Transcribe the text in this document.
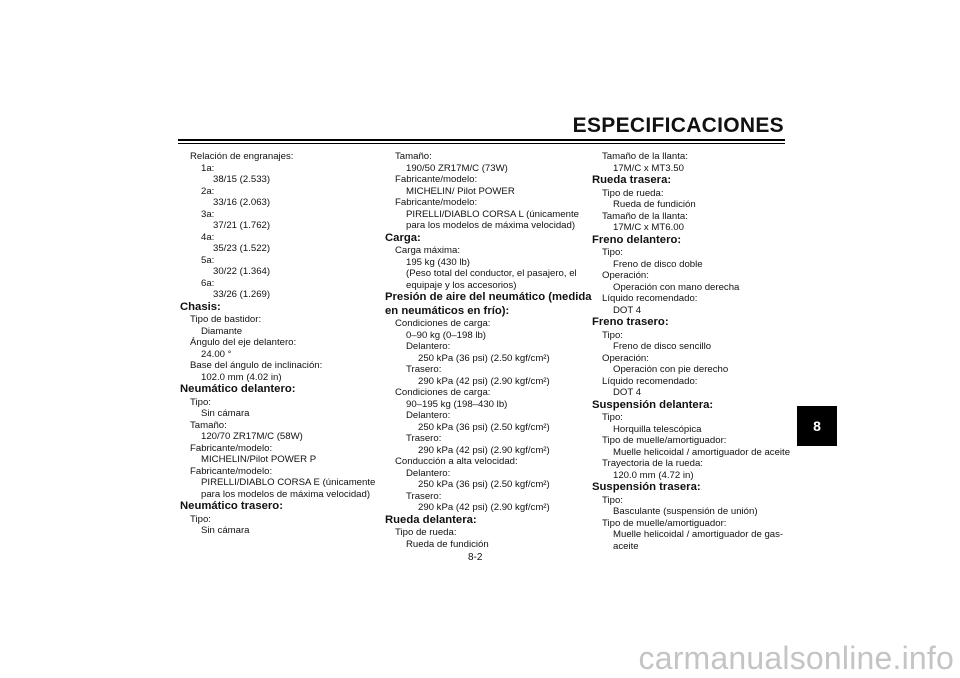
ESPECIFICACIONES
Relación de engranajes:
1a:
38/15 (2.533)
2a:
33/16 (2.063)
3a:
37/21 (1.762)
4a:
35/23 (1.522)
5a:
30/22 (1.364)
6a:
33/26 (1.269)
Chasis:
Tipo de bastidor:
Diamante
Ángulo del eje delantero:
24.00 °
Base del ángulo de inclinación:
102.0 mm (4.02 in)
Neumático delantero:
Tipo:
Sin cámara
Tamaño:
120/70 ZR17M/C (58W)
Fabricante/modelo:
MICHELIN/Pilot POWER P
Fabricante/modelo:
PIRELLI/DIABLO CORSA E (únicamente
para los modelos de máxima velocidad)
Neumático trasero:
Tipo:
Sin cámara
Tamaño:
190/50 ZR17M/C (73W)
Fabricante/modelo:
MICHELIN/ Pilot POWER
Fabricante/modelo:
PIRELLI/DIABLO CORSA L (únicamente
para los modelos de máxima velocidad)
Carga:
Carga máxima:
195 kg (430 lb)
(Peso total del conductor, el pasajero, el
equipaje y los accesorios)
Presión de aire del neumático (medida
en neumáticos en frío):
Condiciones de carga:
0–90 kg (0–198 lb)
Delantero:
250 kPa (36 psi) (2.50 kgf/cm²)
Trasero:
290 kPa (42 psi) (2.90 kgf/cm²)
Condiciones de carga:
90–195 kg (198–430 lb)
Delantero:
250 kPa (36 psi) (2.50 kgf/cm²)
Trasero:
290 kPa (42 psi) (2.90 kgf/cm²)
Conducción a alta velocidad:
Delantero:
250 kPa (36 psi) (2.50 kgf/cm²)
Trasero:
290 kPa (42 psi) (2.90 kgf/cm²)
Rueda delantera:
Tipo de rueda:
Rueda de fundición
Tamaño de la llanta:
17M/C x MT3.50
Rueda trasera:
Tipo de rueda:
Rueda de fundición
Tamaño de la llanta:
17M/C x MT6.00
Freno delantero:
Tipo:
Freno de disco doble
Operación:
Operación con mano derecha
Líquido recomendado:
DOT 4
Freno trasero:
Tipo:
Freno de disco sencillo
Operación:
Operación con pie derecho
Líquido recomendado:
DOT 4
Suspensión delantera:
Tipo:
Horquilla telescópica
Tipo de muelle/amortiguador:
Muelle helicoidal / amortiguador de aceite
Trayectoria de la rueda:
120.0 mm (4.72 in)
Suspensión trasera:
Tipo:
Basculante (suspensión de unión)
Tipo de muelle/amortiguador:
Muelle helicoidal / amortiguador de gas-
aceite
8
8-2
carmanualsonline.info
